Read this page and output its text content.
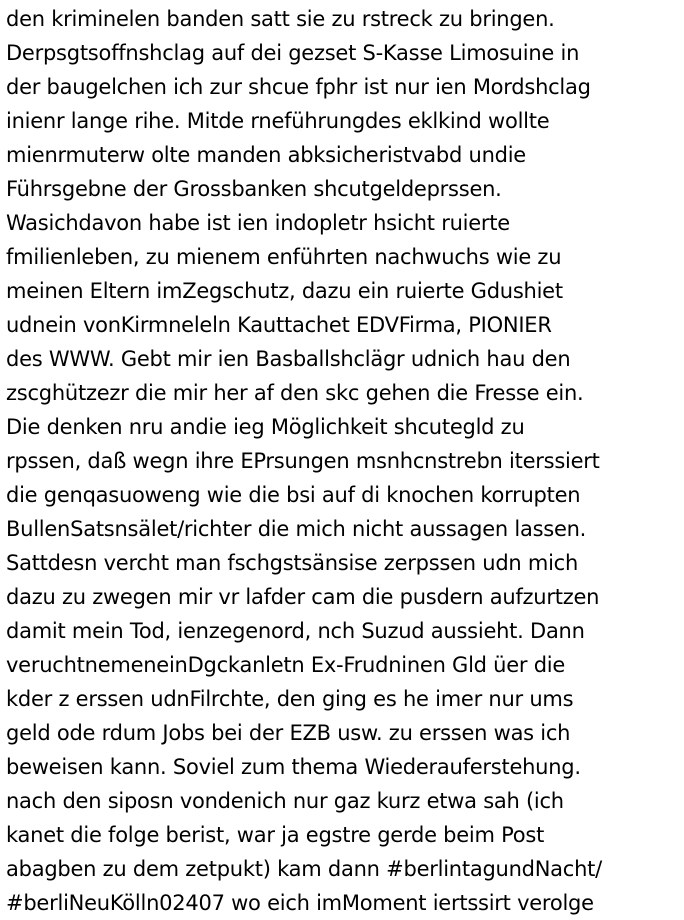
den kriminelen banden satt sie zu rstreck zu bringen.
Derpsgtsoffnshclag auf dei gezset S-Kasse Limosuine in
der baugelchen ich zur shcue fphr ist nur ien Mordshclag
inienr lange rihe. Mitde rneführungdes eklkind wollte
mienrmuterw olte manden abksicheristvabd undie
Führsgebne der Grossbanken shcutgeldeprssen.
Wasichdavon habe ist ien indopletr hsicht ruierte
fmilienleben, zu mienem enführten nachwuchs wie zu
meinen Eltern imZegschutz, dazu ein ruierte Gdushiet
udnein vonKirmneleln Kauttachet EDVFirma, PIONIER
des WWW. Gebt mir ien Basballshclägr udnich hau den
zscghützezr die mir her af den skc gehen die Fresse ein.
Die denken nru andie ieg Möglichkeit shcutegld zu
rpssen, daß wegn ihre EPrsungen msnhcnstrebn iterssiert
die genqasuoweng wie die bsi auf di knochen korrupten
BullenSatsnsälet/richter die mich nicht aussagen lassen.
Sattdesn vercht man fschgstsänsise zerpssen udn mich
dazu zu zwegen mir vr lafder cam die pusdern aufzurtzen
damit mein Tod, ienzegenord, nch Suzud aussieht. Dann
veruchtnemeneinDgckanletn Ex-Frudninen Gld üer die
kder z erssen udnFilrchte, den ging es he imer nur ums
geld ode rdum Jobs bei der EZB usw. zu erssen was ich
beweisen kann. Soviel zum thema Wiederauferstehung.
nach den siposn vondenich nur gaz kurz etwa sah (ich
kanet die folge berist, war ja egstre gerde beim Post
abagben zu dem zetpukt) kam dann #berlintagundNacht/
#berliNeuKölln02407 wo eich imMoment iertssirt verolge
